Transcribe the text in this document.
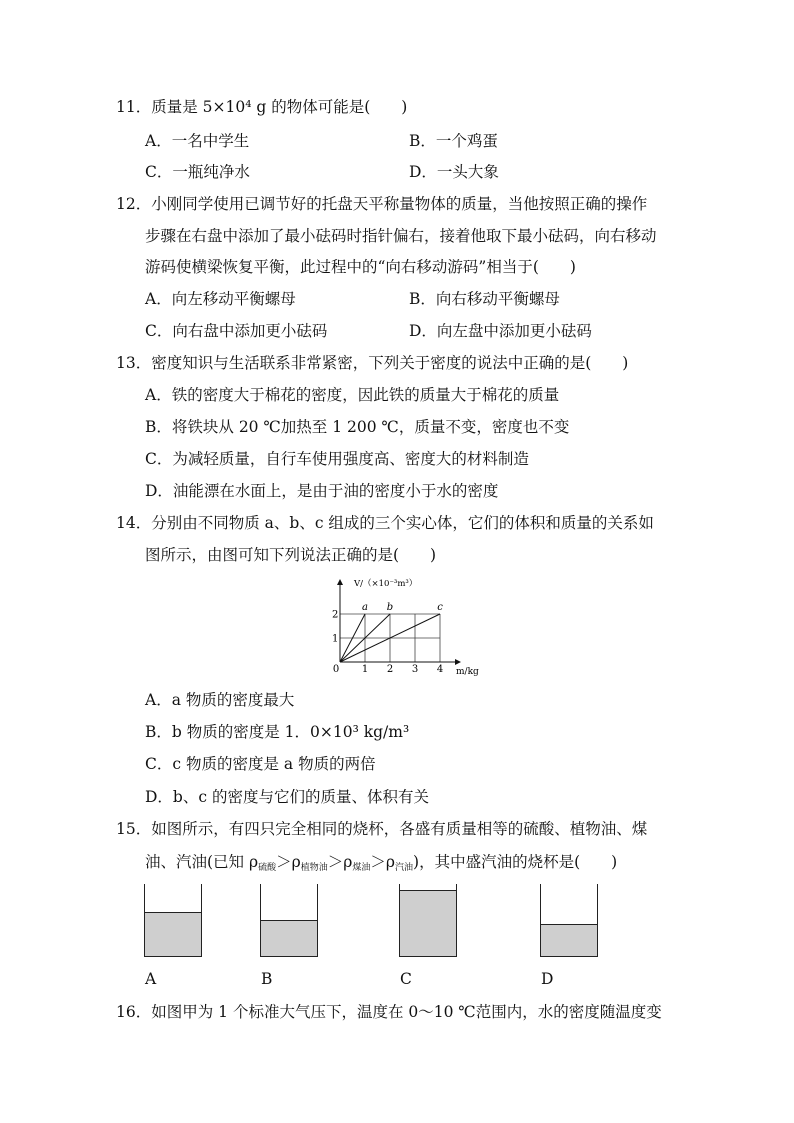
11．质量是 5×10⁴ g 的物体可能是(　　)
A．一名中学生	B．一个鸡蛋
C．一瓶纯净水	D．一头大象
12．小刚同学使用已调节好的托盘天平称量物体的质量，当他按照正确的操作
步骤在右盘中添加了最小砝码时指针偏右，接着他取下最小砝码，向右移动
游码使横梁恢复平衡，此过程中的“向右移动游码”相当于(　　)
A．向左移动平衡螺母	B．向右移动平衡螺母
C．向右盘中添加更小砝码	D．向左盘中添加更小砝码
13．密度知识与生活联系非常紧密，下列关于密度的说法中正确的是(　　)
A．铁的密度大于棉花的密度，因此铁的质量大于棉花的质量
B．将铁块从 20 ℃加热至 1 200 ℃，质量不变，密度也不变
C．为减轻质量，自行车使用强度高、密度大的材料制造
D．油能漂在水面上，是由于油的密度小于水的密度
14．分别由不同物质 a、b、c 组成的三个实心体，它们的体积和质量的关系如
图所示，由图可知下列说法正确的是(　　)
V/（×10⁻³m³）
m/kg
0 1 2 3 4
1
2
a b	c
A．a 物质的密度最大
B．b 物质的密度是 1．0×10³ kg/m³
C．c 物质的密度是 a 物质的两倍
D．b、c 的密度与它们的质量、体积有关
15．如图所示，有四只完全相同的烧杯，各盛有质量相等的硫酸、植物油、煤
油、汽油(已知 $\rho_{硫酸}>\rho_{植物油}>\rho_{煤油}>\rho_{汽油}$)，其中盛汽油的烧杯是(　　)
A	B	C	D
16．如图甲为 1 个标准大气压下，温度在 0～10 ℃范围内，水的密度随温度变
